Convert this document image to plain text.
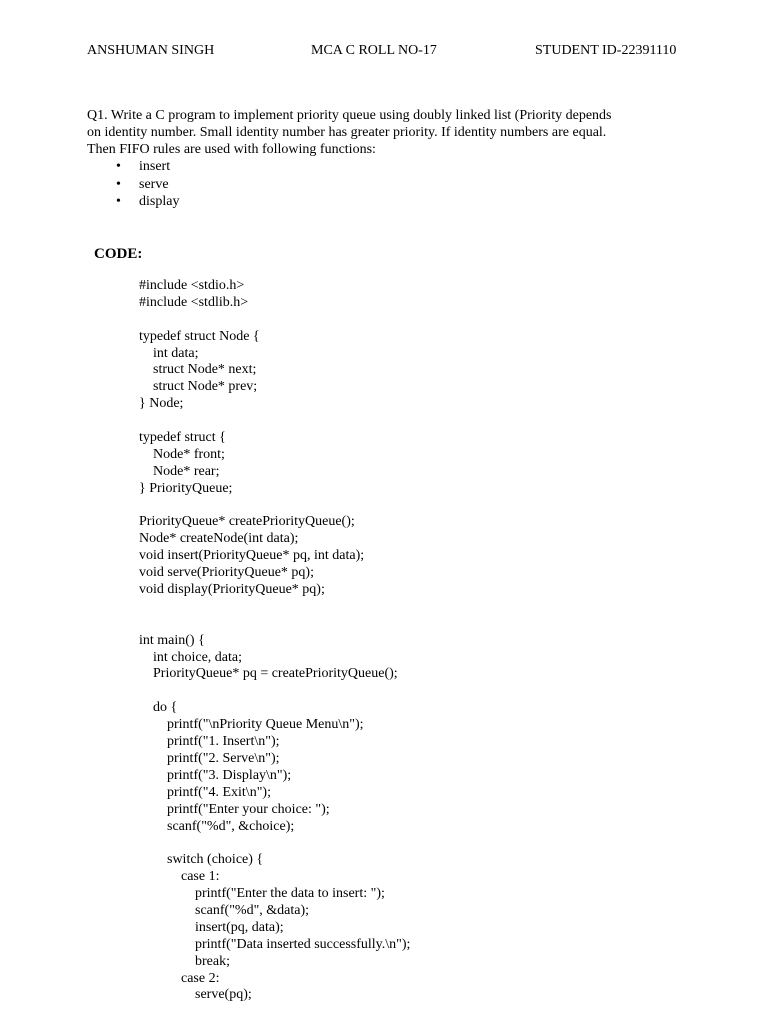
ANSHUMAN SINGH	MCA C ROLL NO-17	STUDENT ID-22391110
Q1. Write a C program to implement priority queue using doubly linked list (Priority depends
on identity number. Small identity number has greater priority. If identity numbers are equal.
Then FIFO rules are used with following functions:
• insert
• serve
• display
CODE:
#include <stdio.h>
#include <stdlib.h>
typedef struct Node {
int data;
struct Node* next;
struct Node* prev;
} Node;
typedef struct {
Node* front;
Node* rear;
} PriorityQueue;
PriorityQueue* createPriorityQueue();
Node* createNode(int data);
void insert(PriorityQueue* pq, int data);
void serve(PriorityQueue* pq);
void display(PriorityQueue* pq);
int main() {
int choice, data;
PriorityQueue* pq = createPriorityQueue();
do {
printf("\nPriority Queue Menu\n");
printf("1. Insert\n");
printf("2. Serve\n");
printf("3. Display\n");
printf("4. Exit\n");
printf("Enter your choice: ");
scanf("%d", &choice);
switch (choice) {
case 1:
printf("Enter the data to insert: ");
scanf("%d", &data);
insert(pq, data);
printf("Data inserted successfully.\n");
break;
case 2:
serve(pq);
